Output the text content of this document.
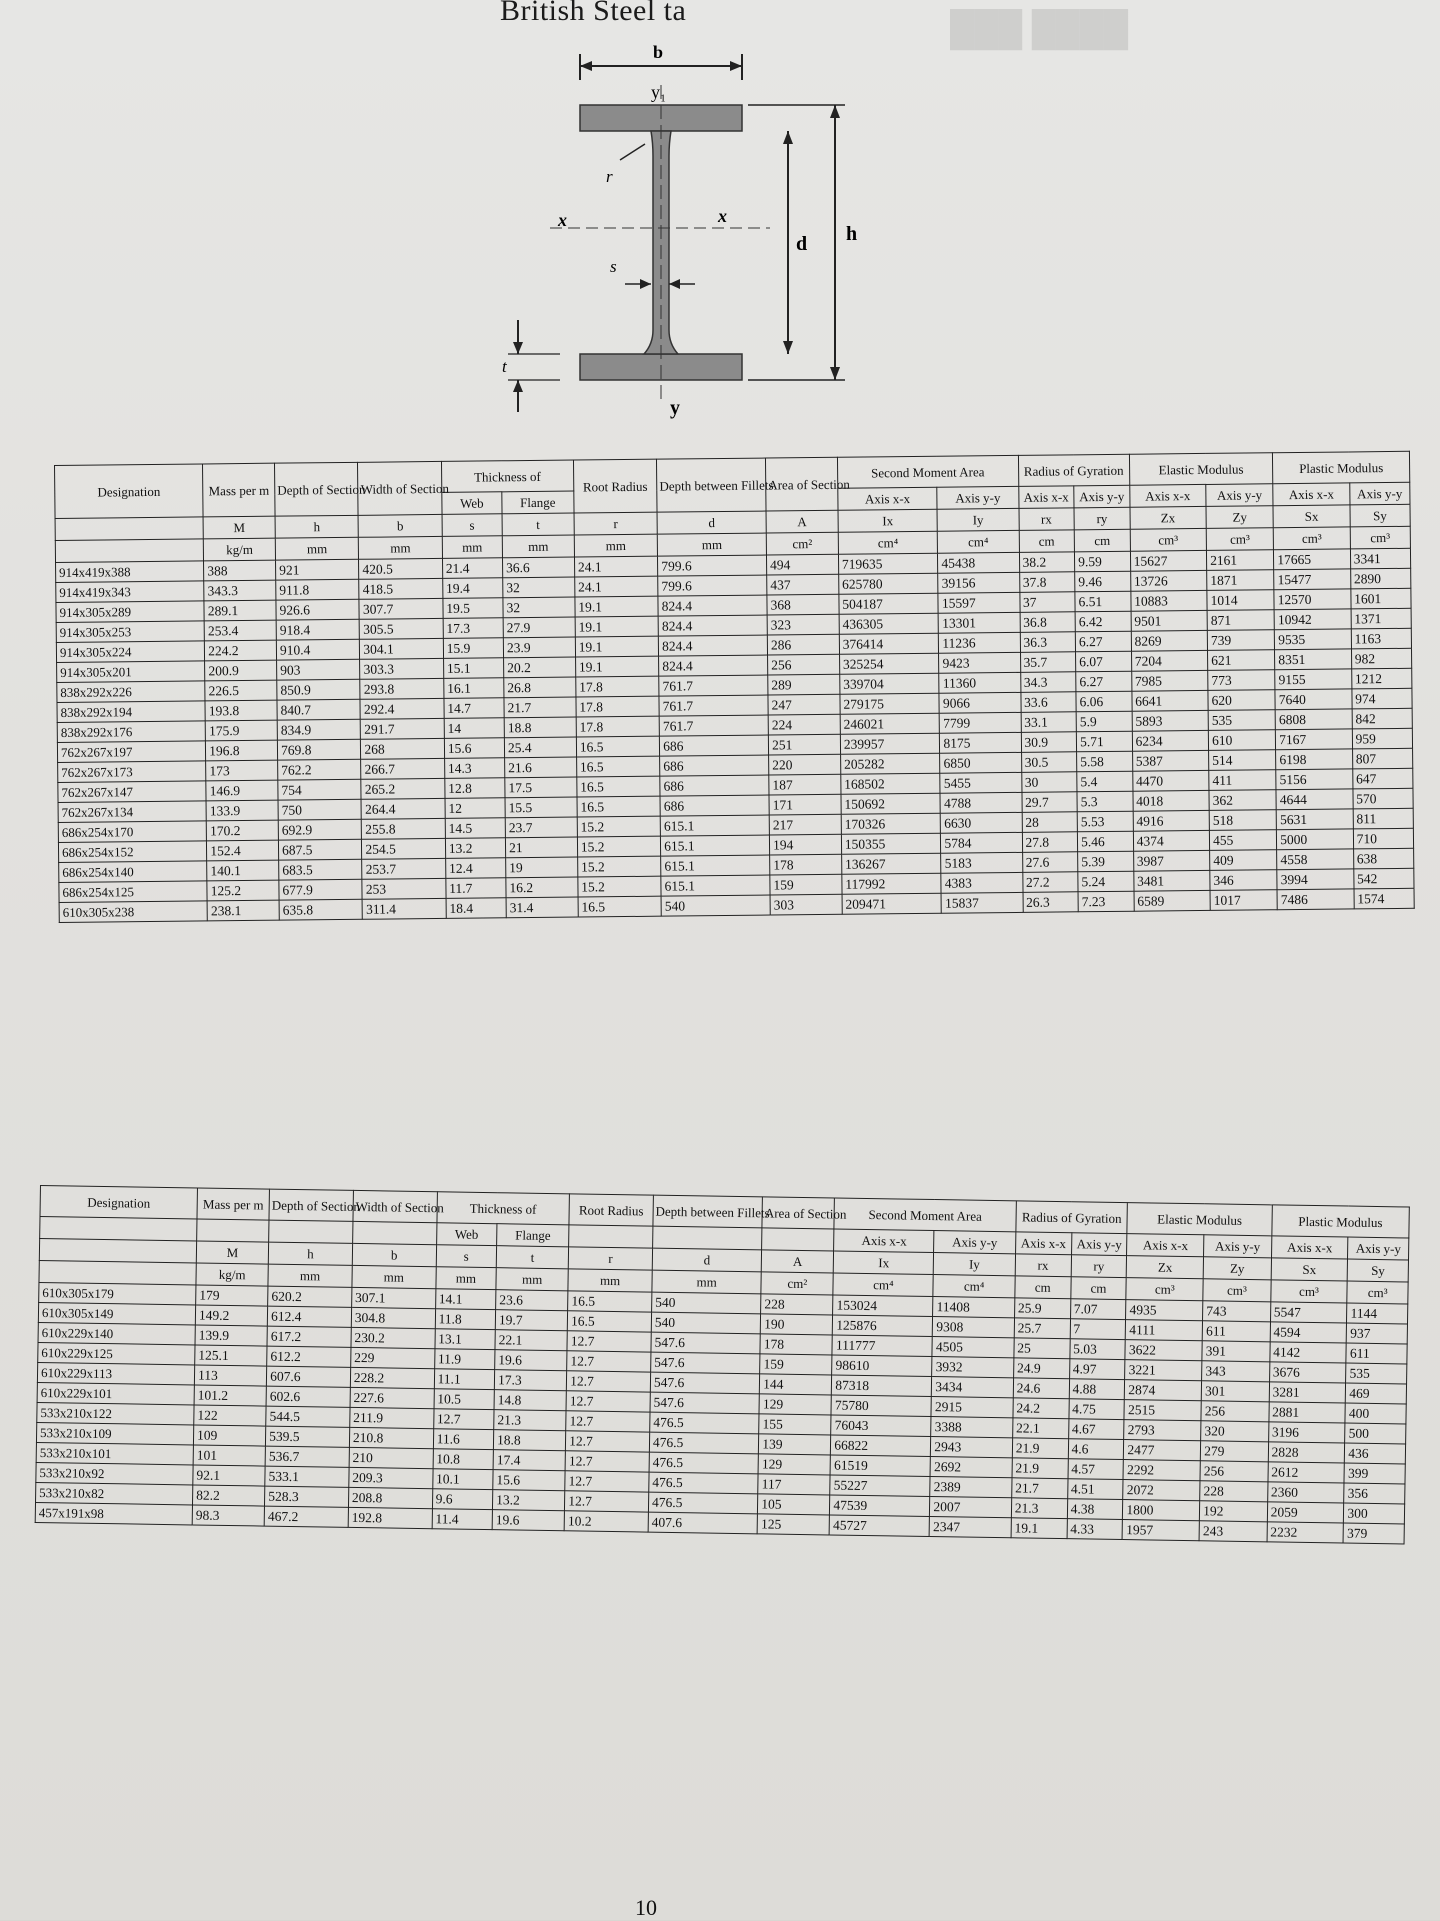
███ ████
British Steel ta
b
y₁
r
x	x
s
d h
t
y
Designation	Mass per m	Depth of Section	Width of Section	Thickness of		Root Radius	Depth between Fillets	Area of Section	Second Moment Area		Radius of Gyration		Elastic Modulus		Plastic Modulus	
				Web	Flange				Axis x-x	Axis y-y	Axis x-x	Axis y-y	Axis x-x	Axis y-y	Axis x-x	Axis y-y

	M	h	b	s	t	r	d	A	Ix	Iy	rx	ry	Zx	Zy	Sx	Sy
	kg/m	mm	mm	mm	mm	mm	mm	cm²	cm⁴	cm⁴	cm	cm	cm³	cm³	cm³	cm³
914x419x388	388	921	420.5	21.4	36.6	24.1	799.6	494	719635	45438	38.2	9.59	15627	2161	17665	3341
914x419x343	343.3	911.8	418.5	19.4	32	24.1	799.6	437	625780	39156	37.8	9.46	13726	1871	15477	2890
914x305x289	289.1	926.6	307.7	19.5	32	19.1	824.4	368	504187	15597	37	6.51	10883	1014	12570	1601
914x305x253	253.4	918.4	305.5	17.3	27.9	19.1	824.4	323	436305	13301	36.8	6.42	9501	871	10942	1371
914x305x224	224.2	910.4	304.1	15.9	23.9	19.1	824.4	286	376414	11236	36.3	6.27	8269	739	9535	1163
914x305x201	200.9	903	303.3	15.1	20.2	19.1	824.4	256	325254	9423	35.7	6.07	7204	621	8351	982
838x292x226	226.5	850.9	293.8	16.1	26.8	17.8	761.7	289	339704	11360	34.3	6.27	7985	773	9155	1212
838x292x194	193.8	840.7	292.4	14.7	21.7	17.8	761.7	247	279175	9066	33.6	6.06	6641	620	7640	974
838x292x176	175.9	834.9	291.7	14	18.8	17.8	761.7	224	246021	7799	33.1	5.9	5893	535	6808	842
762x267x197	196.8	769.8	268	15.6	25.4	16.5	686	251	239957	8175	30.9	5.71	6234	610	7167	959
762x267x173	173	762.2	266.7	14.3	21.6	16.5	686	220	205282	6850	30.5	5.58	5387	514	6198	807
762x267x147	146.9	754	265.2	12.8	17.5	16.5	686	187	168502	5455	30	5.4	4470	411	5156	647
762x267x134	133.9	750	264.4	12	15.5	16.5	686	171	150692	4788	29.7	5.3	4018	362	4644	570
686x254x170	170.2	692.9	255.8	14.5	23.7	15.2	615.1	217	170326	6630	28	5.53	4916	518	5631	811
686x254x152	152.4	687.5	254.5	13.2	21	15.2	615.1	194	150355	5784	27.8	5.46	4374	455	5000	710
686x254x140	140.1	683.5	253.7	12.4	19	15.2	615.1	178	136267	5183	27.6	5.39	3987	409	4558	638
686x254x125	125.2	677.9	253	11.7	16.2	15.2	615.1	159	117992	4383	27.2	5.24	3481	346	3994	542
610x305x238	238.1	635.8	311.4	18.4	31.4	16.5	540	303	209471	15837	26.3	7.23	6589	1017	7486	1574
Designation	Mass per m	Depth of Section	Width of Section	Thickness of		Root Radius	Depth between Fillets	Area of Section	Second Moment Area		Radius of Gyration		Elastic Modulus		Plastic Modulus	

				Web	Flange				Axis x-x	Axis y-y	Axis x-x	Axis y-y	Axis x-x	Axis y-y	Axis x-x	Axis y-y

	M	h	b	s	t	r	d	A	Ix	Iy	rx	ry	Zx	Zy	Sx	Sy
	kg/m	mm	mm	mm	mm	mm	mm	cm²	cm⁴	cm⁴	cm	cm	cm³	cm³	cm³	cm³
610x305x179	179	620.2	307.1	14.1	23.6	16.5	540	228	153024	11408	25.9	7.07	4935	743	5547	1144
610x305x149	149.2	612.4	304.8	11.8	19.7	16.5	540	190	125876	9308	25.7	7	4111	611	4594	937
610x229x140	139.9	617.2	230.2	13.1	22.1	12.7	547.6	178	111777	4505	25	5.03	3622	391	4142	611
610x229x125	125.1	612.2	229	11.9	19.6	12.7	547.6	159	98610	3932	24.9	4.97	3221	343	3676	535
610x229x113	113	607.6	228.2	11.1	17.3	12.7	547.6	144	87318	3434	24.6	4.88	2874	301	3281	469
610x229x101	101.2	602.6	227.6	10.5	14.8	12.7	547.6	129	75780	2915	24.2	4.75	2515	256	2881	400
533x210x122	122	544.5	211.9	12.7	21.3	12.7	476.5	155	76043	3388	22.1	4.67	2793	320	3196	500
533x210x109	109	539.5	210.8	11.6	18.8	12.7	476.5	139	66822	2943	21.9	4.6	2477	279	2828	436
533x210x101	101	536.7	210	10.8	17.4	12.7	476.5	129	61519	2692	21.9	4.57	2292	256	2612	399
533x210x92	92.1	533.1	209.3	10.1	15.6	12.7	476.5	117	55227	2389	21.7	4.51	2072	228	2360	356
533x210x82	82.2	528.3	208.8	9.6	13.2	12.7	476.5	105	47539	2007	21.3	4.38	1800	192	2059	300
457x191x98	98.3	467.2	192.8	11.4	19.6	10.2	407.6	125	45727	2347	19.1	4.33	1957	243	2232	379
10
